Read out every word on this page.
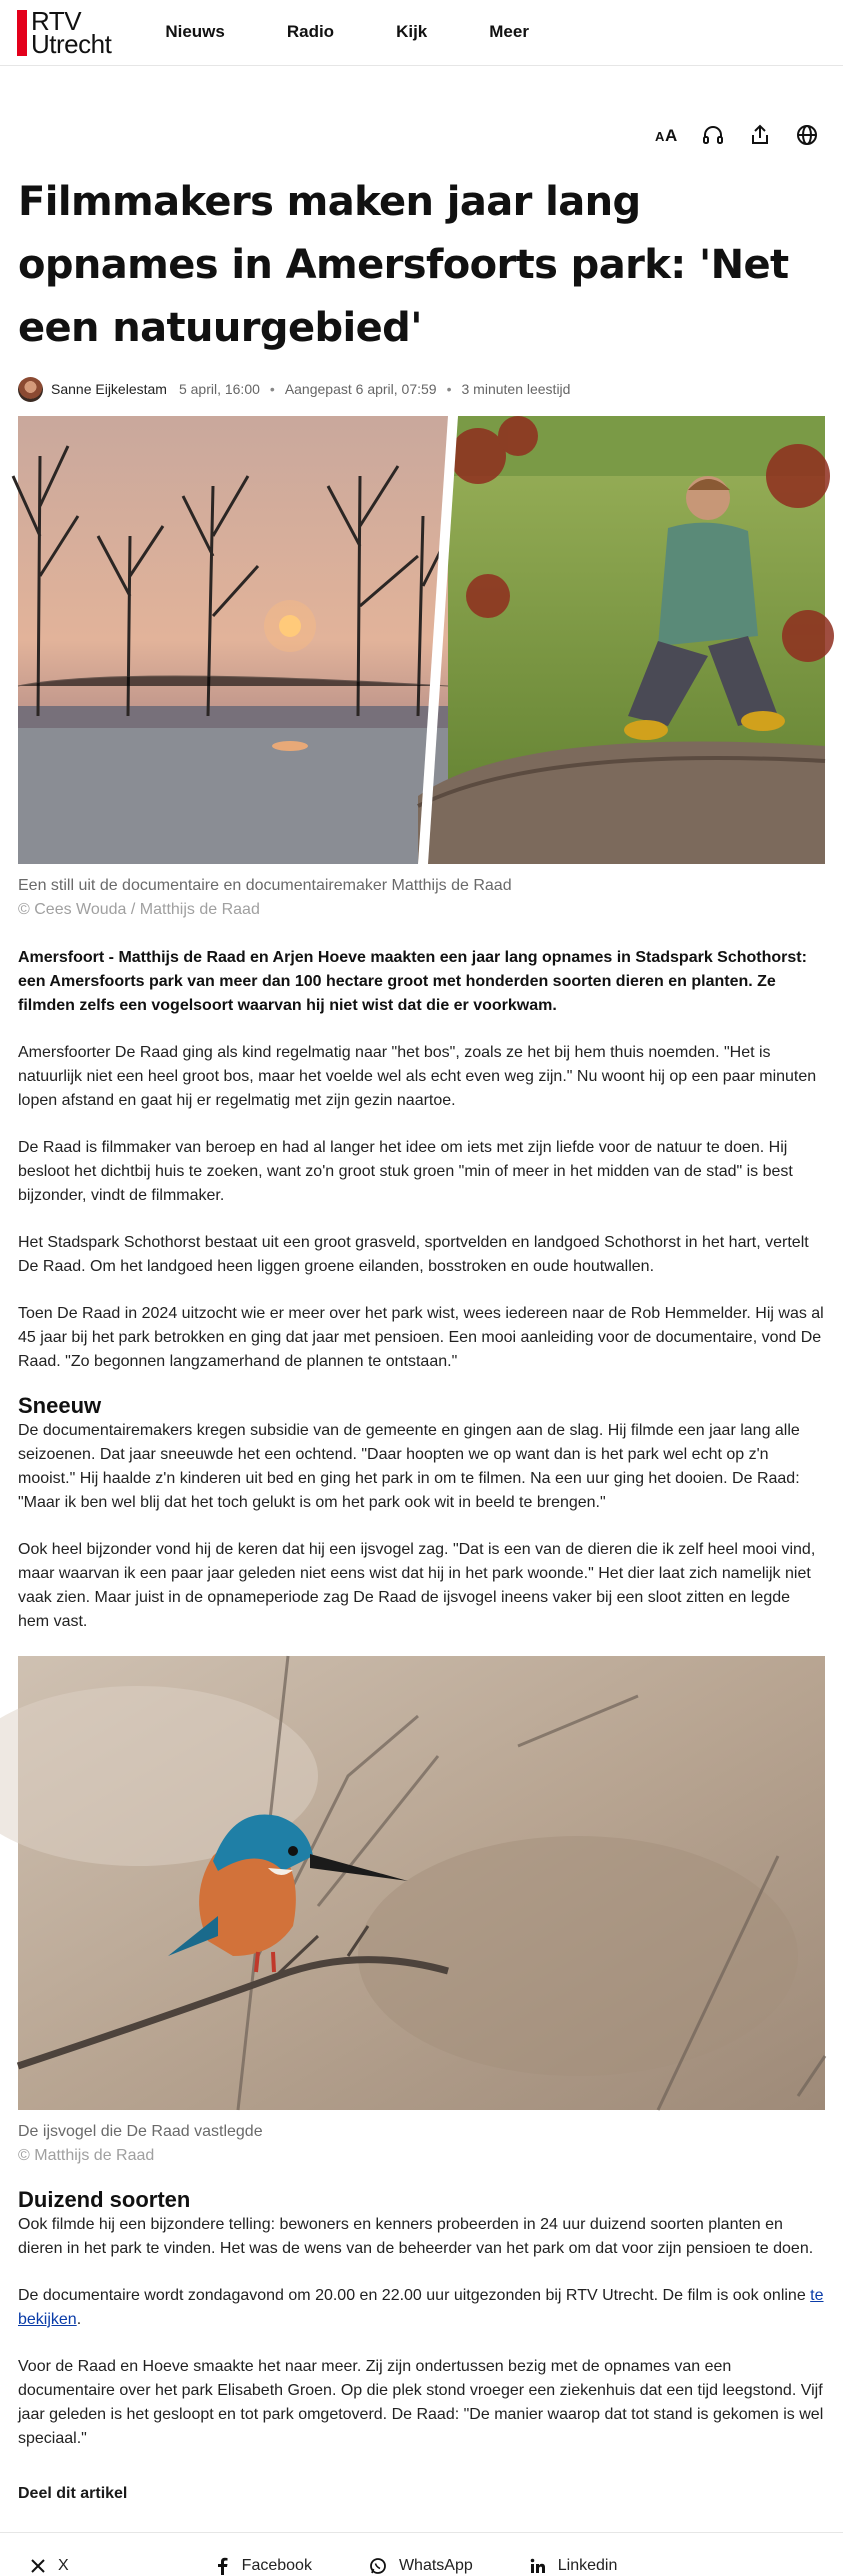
RTV
Utrecht	Nieuws	Radio	Kijk	Meer
A A
Filmmakers maken jaar lang opnames in Amersfoorts park: 'Net een natuurgebied'
Sanne Eijkelestam 5 april, 16:00 • Aangepast 6 april, 07:59 • 3 minuten leestijd
Een still uit de documentaire en documentairemaker Matthijs de Raad
© Cees Wouda / Matthijs de Raad

Amersfoort - Matthijs de Raad en Arjen Hoeve maakten een jaar lang opnames in Stadspark Schothorst: een Amersfoorts park van meer dan 100 hectare groot met honderden soorten dieren en planten. Ze filmden zelfs een vogelsoort waarvan hij niet wist dat die er voorkwam.

Amersfoorter De Raad ging als kind regelmatig naar "het bos", zoals ze het bij hem thuis noemden. "Het is natuurlijk niet een heel groot bos, maar het voelde wel als echt even weg zijn." Nu woont hij op een paar minuten lopen afstand en gaat hij er regelmatig met zijn gezin naartoe.

De Raad is filmmaker van beroep en had al langer het idee om iets met zijn liefde voor de natuur te doen. Hij besloot het dichtbij huis te zoeken, want zo'n groot stuk groen "min of meer in het midden van de stad" is best bijzonder, vindt de filmmaker.

Het Stadspark Schothorst bestaat uit een groot grasveld, sportvelden en landgoed Schothorst in het hart, vertelt De Raad. Om het landgoed heen liggen groene eilanden, bosstroken en oude houtwallen.

Toen De Raad in 2024 uitzocht wie er meer over het park wist, wees iedereen naar de Rob Hemmelder. Hij was al 45 jaar bij het park betrokken en ging dat jaar met pensioen. Een mooi aanleiding voor de documentaire, vond De Raad. "Zo begonnen langzamerhand de plannen te ontstaan."

Sneeuw

De documentairemakers kregen subsidie van de gemeente en gingen aan de slag. Hij filmde een jaar lang alle seizoenen. Dat jaar sneeuwde het een ochtend. "Daar hoopten we op want dan is het park wel echt op z'n mooist." Hij haalde z'n kinderen uit bed en ging het park in om te filmen. Na een uur ging het dooien. De Raad: "Maar ik ben wel blij dat het toch gelukt is om het park ook wit in beeld te brengen."

Ook heel bijzonder vond hij de keren dat hij een ijsvogel zag. "Dat is een van de dieren die ik zelf heel mooi vind, maar waarvan ik een paar jaar geleden niet eens wist dat hij in het park woonde." Het dier laat zich namelijk niet vaak zien. Maar juist in de opnameperiode zag De Raad de ijsvogel ineens vaker bij een sloot zitten en legde hem vast.

De ijsvogel die De Raad vastlegde
© Matthijs de Raad
Duizend soorten

Ook filmde hij een bijzondere telling: bewoners en kenners probeerden in 24 uur duizend soorten planten en dieren in het park te vinden. Het was de wens van de beheerder van het park om dat voor zijn pensioen te doen.

De documentaire wordt zondagavond om 20.00 en 22.00 uur uitgezonden bij RTV Utrecht. De film is ook online te bekijken.

Voor de Raad en Hoeve smaakte het naar meer. Zij zijn ondertussen bezig met de opnames van een documentaire over het park Elisabeth Groen. Op die plek stond vroeger een ziekenhuis dat een tijd leegstond. Vijf jaar geleden is het gesloopt en tot park omgetoverd. De Raad: "De manier waarop dat tot stand is gekomen is wel speciaal."

Deel dit artikel
X	Facebook	WhatsApp	Linkedin
